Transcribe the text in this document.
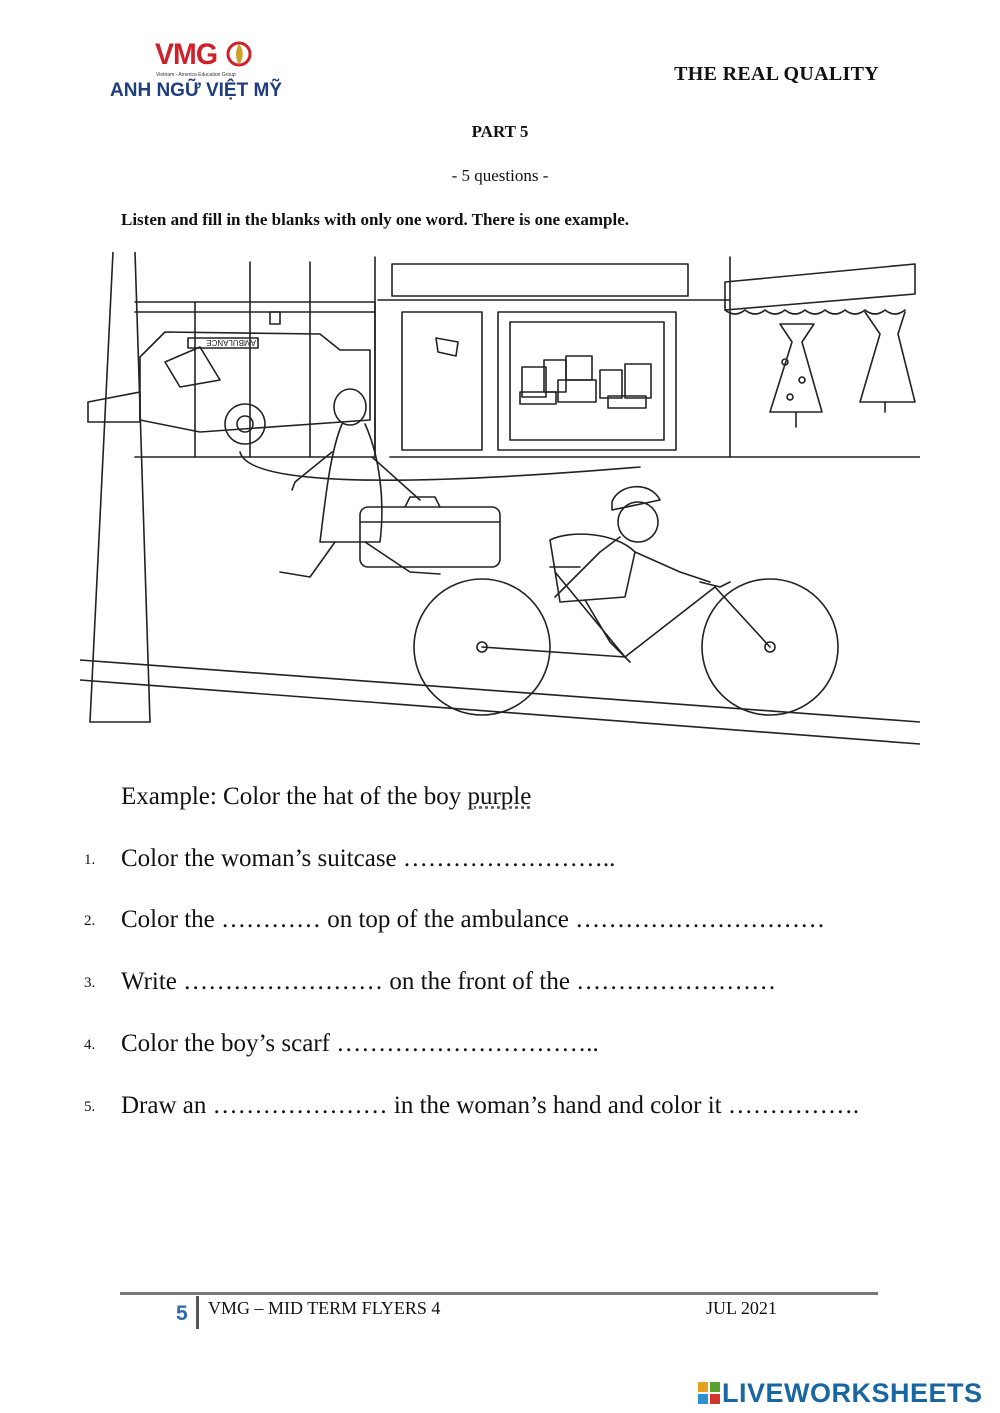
VMG
Vietnam - America Education Group
ANH NGỮ VIỆT MỸ
THE REAL QUALITY
PART 5
- 5 questions -
Listen and fill in the blanks with only one word. There is one example.
AMBULANCE
Example: Color the hat of the boy purple
1. Color the woman’s suitcase ……………………..
2. Color the ………… on top of the ambulance …………………………
3. Write …………………… on the front of the ……………………
4. Color the boy’s scarf …………………………..
5. Draw an ………………… in the woman’s hand and color it …………….
5 VMG – MID TERM FLYERS 4	JUL 2021
LIVEWORKSHEETS
